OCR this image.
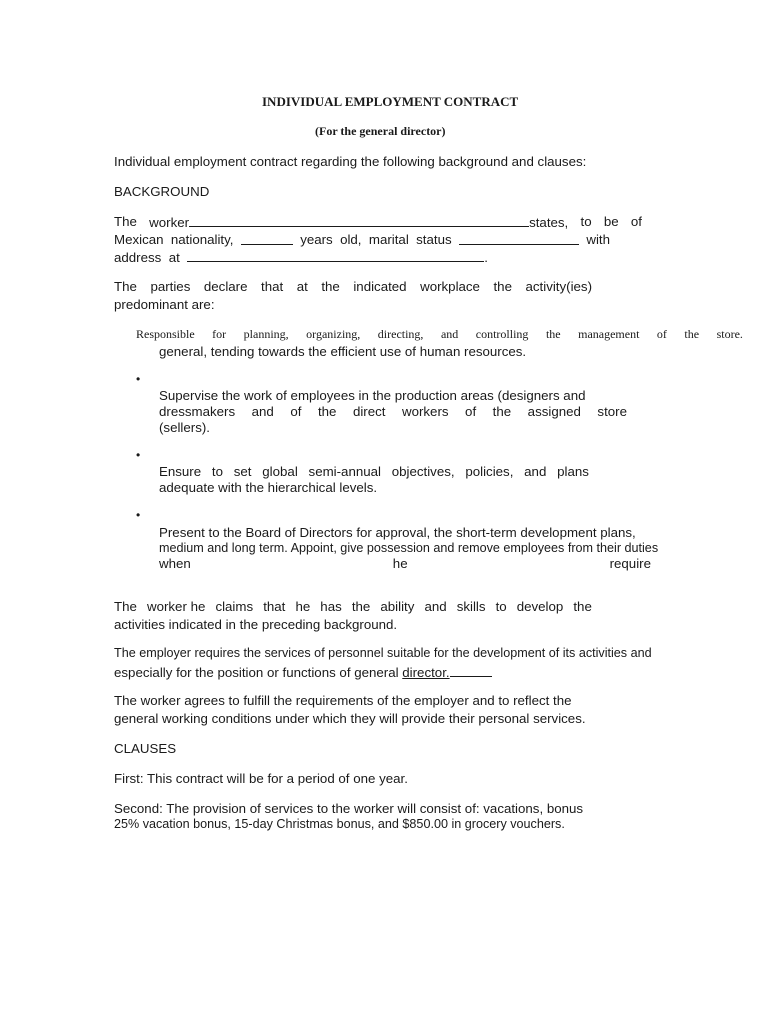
INDIVIDUAL EMPLOYMENT CONTRACT

(For the general director)

Individual employment contract regarding the following background and clauses:

BACKGROUND

The worker	states, to be of
Mexican nationality,	years old, marital status	with
address at	.
The parties declare that at the indicated workplace the activity(ies)

predominant are:

Responsible for planning, organizing, directing, and controlling the management of the store.

general, tending towards the efficient use of human resources.

•

Supervise the work of employees in the production areas (designers and

dressmakers and of the direct workers of the assigned store

(sellers).

•

Ensure to set global semi-annual objectives, policies, and plans

adequate with the hierarchical levels.

•

Present to the Board of Directors for approval, the short-term development plans,

medium and long term. Appoint, give possession and remove employees from their duties

when	he	require
The worker he claims that he has the ability and skills to develop the

activities indicated in the preceding background.

The employer requires the services of personnel suitable for the development of its activities and

especially for the position or functions of general director.

The worker agrees to fulfill the requirements of the employer and to reflect the

general working conditions under which they will provide their personal services.

CLAUSES

First: This contract will be for a period of one year.

Second: The provision of services to the worker will consist of: vacations, bonus

25% vacation bonus, 15-day Christmas bonus, and $850.00 in grocery vouchers.
